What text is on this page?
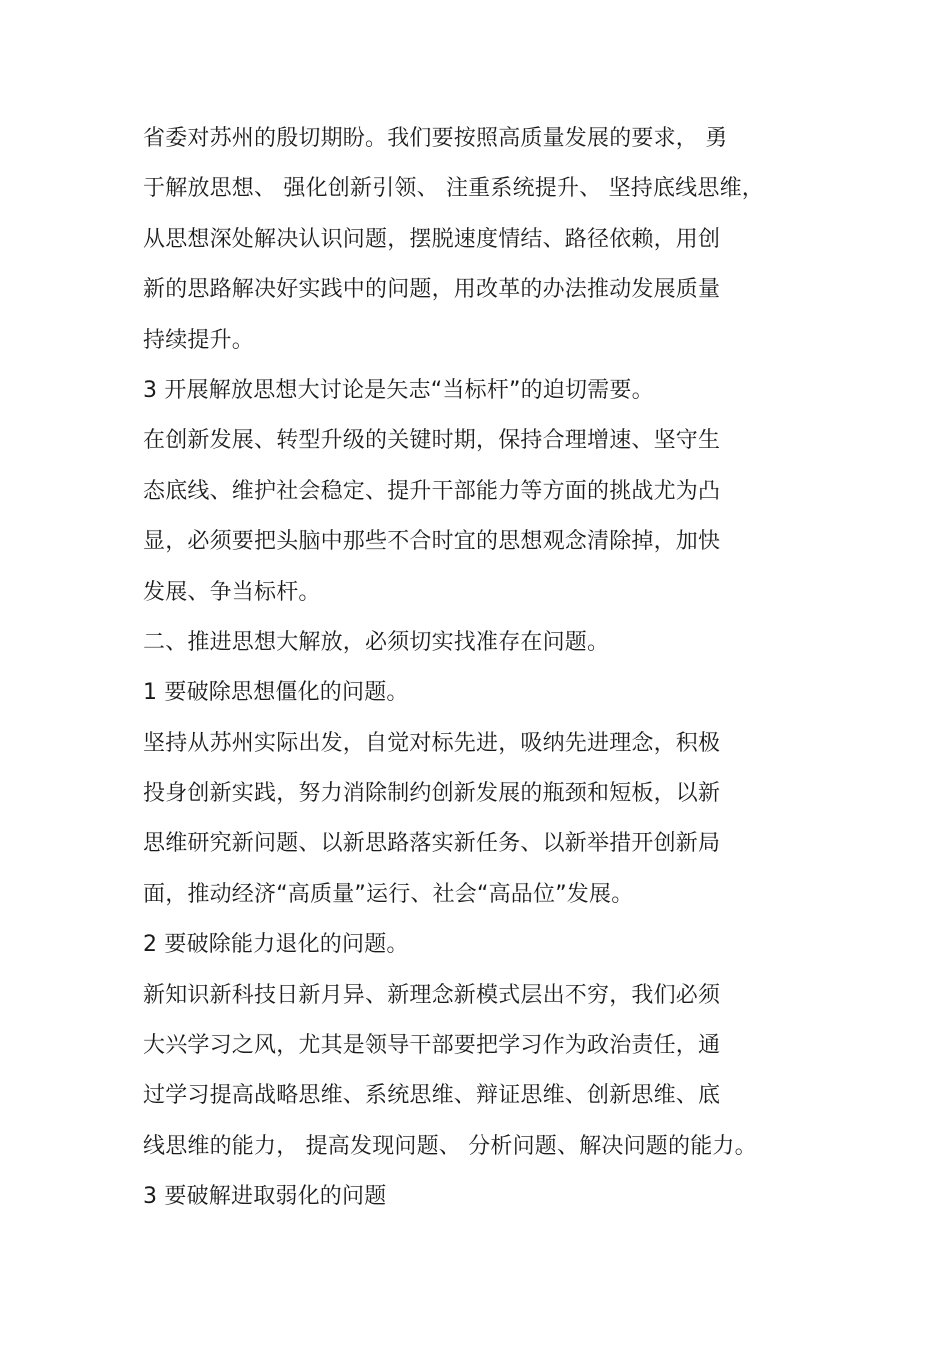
省委对苏州的殷切期盼。我们要按照高质量发展的要求， 勇
于解放思想、 强化创新引领、 注重系统提升、 坚持底线思维，
从思想深处解决认识问题，摆脱速度情结、路径依赖，用创
新的思路解决好实践中的问题，用改革的办法推动发展质量
持续提升。
3 开展解放思想大讨论是矢志“当标杆”的迫切需要。
在创新发展、转型升级的关键时期，保持合理增速、坚守生
态底线、维护社会稳定、提升干部能力等方面的挑战尤为凸
显，必须要把头脑中那些不合时宜的思想观念清除掉，加快
发展、争当标杆。
二、推进思想大解放，必须切实找准存在问题。
1 要破除思想僵化的问题。
坚持从苏州实际出发，自觉对标先进，吸纳先进理念，积极
投身创新实践，努力消除制约创新发展的瓶颈和短板，以新
思维研究新问题、以新思路落实新任务、以新举措开创新局
面，推动经济“高质量”运行、社会“高品位”发展。
2 要破除能力退化的问题。
新知识新科技日新月异、新理念新模式层出不穷，我们必须
大兴学习之风，尤其是领导干部要把学习作为政治责任，通
过学习提高战略思维、系统思维、辩证思维、创新思维、底
线思维的能力， 提高发现问题、 分析问题、解决问题的能力。
3 要破解进取弱化的问题
